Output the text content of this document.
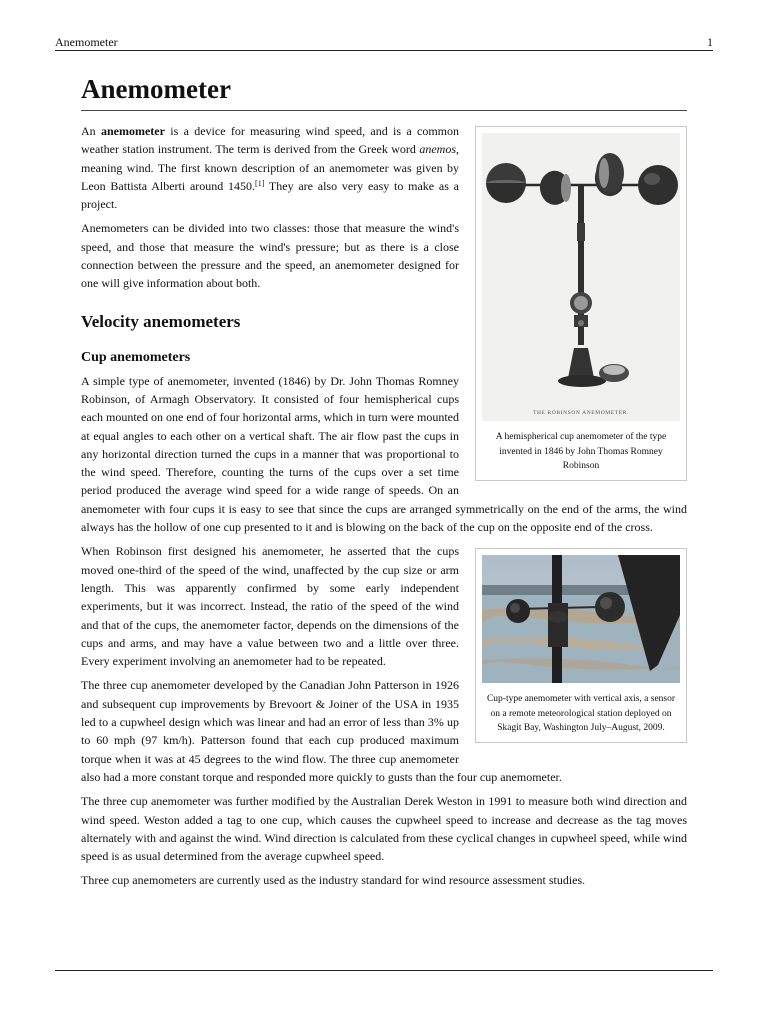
Anemometer	1
Anemometer
THE ROBINSON ANEMOMETER.
A hemispherical cup anemometer of the type invented in 1846 by John Thomas Romney Robinson

An anemometer is a device for measuring wind speed, and is a common weather station instrument. The term is derived from the Greek word anemos, meaning wind. The first known description of an anemometer was given by Leon Battista Alberti around 1450.[1] They are also very easy to make as a project.

Anemometers can be divided into two classes: those that measure the wind's speed, and those that measure the wind's pressure; but as there is a close connection between the pressure and the speed, an anemometer designed for one will give information about both.

Velocity anemometers
Cup anemometers

A simple type of anemometer, invented (1846) by Dr. John Thomas Romney Robinson, of Armagh Observatory. It consisted of four hemispherical cups each mounted on one end of four horizontal arms, which in turn were mounted at equal angles to each other on a vertical shaft. The air flow past the cups in any horizontal direction turned the cups in a manner that was proportional to the wind speed. Therefore, counting the turns of the cups over a set time period produced the average wind speed for a wide range of speeds. On an anemometer with four cups it is easy to see that since the cups are arranged symmetrically on the end of the arms, the wind always has the hollow of one cup presented to it and is blowing on the back of the cup on the opposite end of the cross.

Cup-type anemometer with vertical axis, a sensor on a remote meteorological station deployed on Skagit Bay, Washington July–August, 2009.

When Robinson first designed his anemometer, he asserted that the cups moved one-third of the speed of the wind, unaffected by the cup size or arm length. This was apparently confirmed by some early independent experiments, but it was incorrect. Instead, the ratio of the speed of the wind and that of the cups, the anemometer factor, depends on the dimensions of the cups and arms, and may have a value between two and a little over three. Every experiment involving an anemometer had to be repeated.

The three cup anemometer developed by the Canadian John Patterson in 1926 and subsequent cup improvements by Brevoort & Joiner of the USA in 1935 led to a cupwheel design which was linear and had an error of less than 3% up to 60 mph (97 km/h). Patterson found that each cup produced maximum torque when it was at 45 degrees to the wind flow. The three cup anemometer also had a more constant torque and responded more quickly to gusts than the four cup anemometer.

The three cup anemometer was further modified by the Australian Derek Weston in 1991 to measure both wind direction and wind speed. Weston added a tag to one cup, which causes the cupwheel speed to increase and decrease as the tag moves alternately with and against the wind. Wind direction is calculated from these cyclical changes in cupwheel speed, while wind speed is as usual determined from the average cupwheel speed.

Three cup anemometers are currently used as the industry standard for wind resource assessment studies.
